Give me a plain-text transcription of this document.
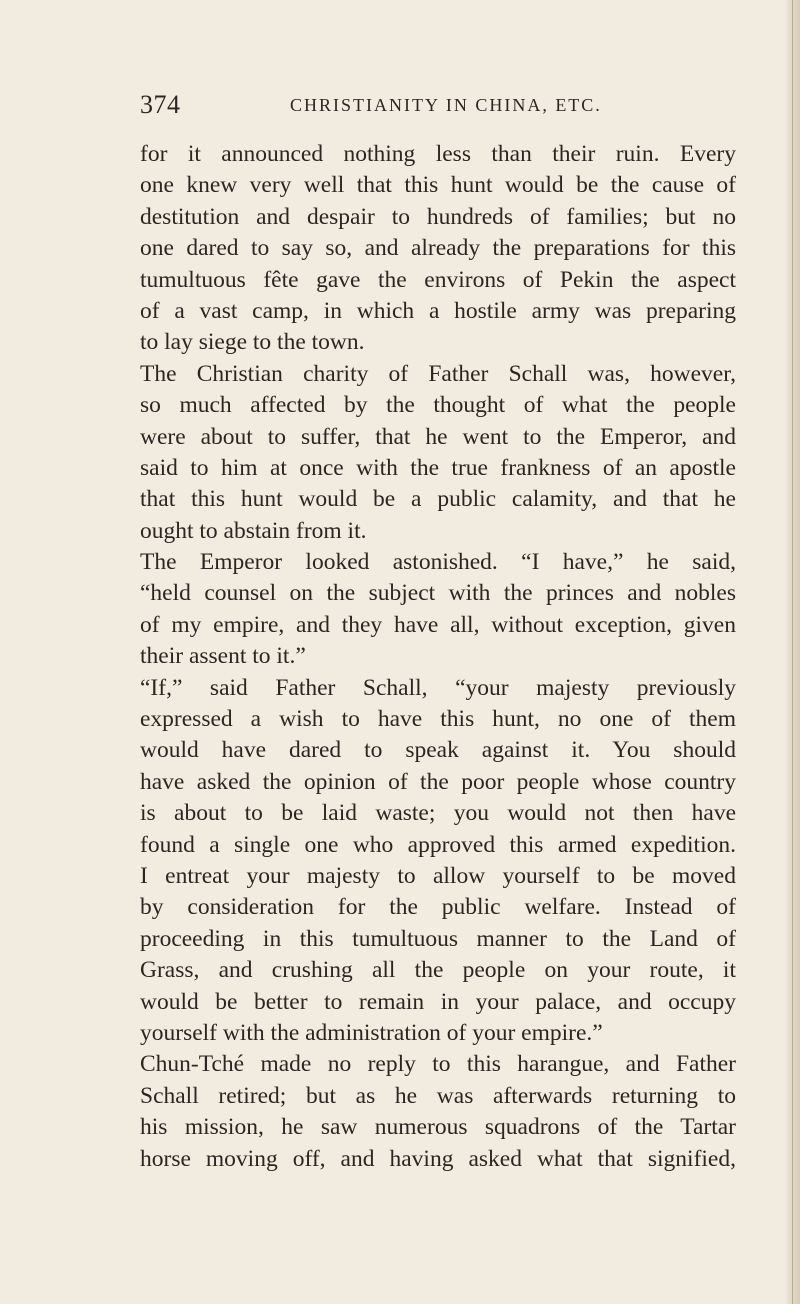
374	CHRISTIANITY IN CHINA, ETC.
for it announced nothing less than their ruin. Every
one knew very well that this hunt would be the cause of
destitution and despair to hundreds of families; but no
one dared to say so, and already the preparations for this
tumultuous fête gave the environs of Pekin the aspect
of a vast camp, in which a hostile army was preparing
to lay siege to the town.
The Christian charity of Father Schall was, however,
so much affected by the thought of what the people
were about to suffer, that he went to the Emperor, and
said to him at once with the true frankness of an apostle
that this hunt would be a public calamity, and that he
ought to abstain from it.
The Emperor looked astonished. “I have,” he said,
“held counsel on the subject with the princes and nobles
of my empire, and they have all, without exception, given
their assent to it.”
“If,” said Father Schall, “your majesty previously
expressed a wish to have this hunt, no one of them
would have dared to speak against it. You should
have asked the opinion of the poor people whose country
is about to be laid waste; you would not then have
found a single one who approved this armed expedition.
I entreat your majesty to allow yourself to be moved
by consideration for the public welfare. Instead of
proceeding in this tumultuous manner to the Land of
Grass, and crushing all the people on your route, it
would be better to remain in your palace, and occupy
yourself with the administration of your empire.”
Chun-Tché made no reply to this harangue, and Father
Schall retired; but as he was afterwards returning to
his mission, he saw numerous squadrons of the Tartar
horse moving off, and having asked what that signified,
